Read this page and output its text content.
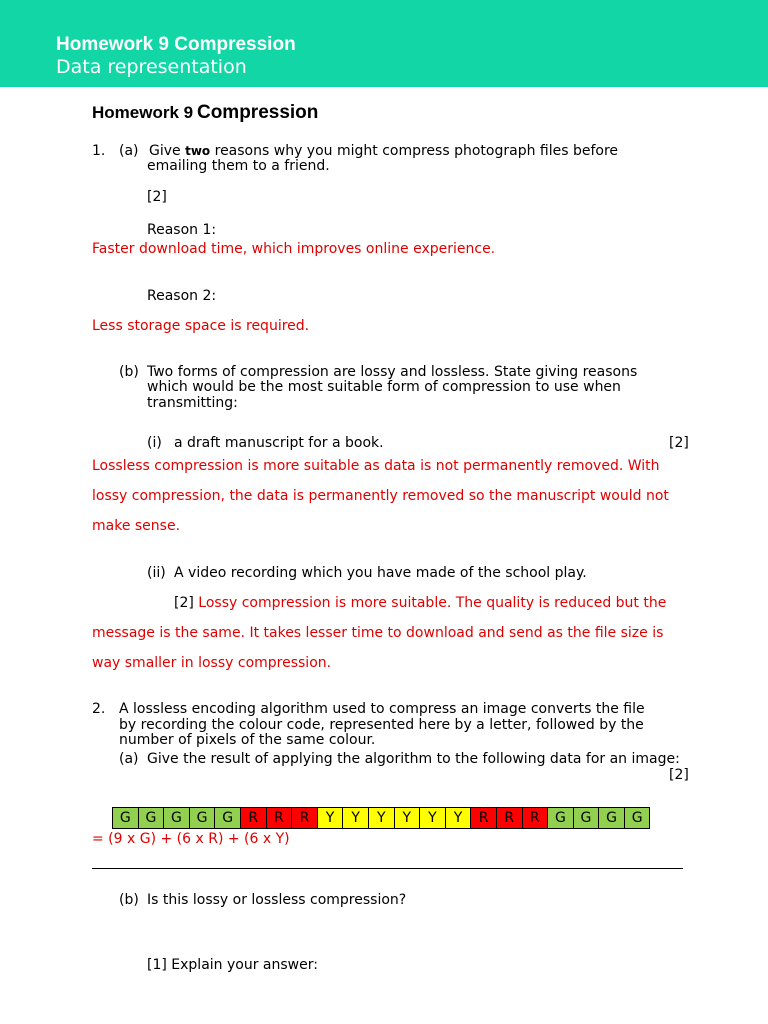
Homework 9 Compression
Data representation
Homework 9 Compression
1. (a) Give two reasons why you might compress photograph files before
emailing them to a friend.
[2]
Reason 1:
Faster download time, which improves online experience.
Reason 2:
Less storage space is required.
(b) Two forms of compression are lossy and lossless. State giving reasons
which would be the most suitable form of compression to use when
transmitting:
(i) a draft manuscript for a book.	[2]
Lossless compression is more suitable as data is not permanently removed. With
lossy compression, the data is permanently removed so the manuscript would not
make sense.
(ii) A video recording which you have made of the school play.
[2] Lossy compression is more suitable. The quality is reduced but the
message is the same. It takes lesser time to download and send as the file size is
way smaller in lossy compression.
2. A lossless encoding algorithm used to compress an image converts the file
by recording the colour code, represented here by a letter, followed by the
number of pixels of the same colour.
(a) Give the result of applying the algorithm to the following data for an image:
[2]
G	G	G	G	G	R	R	R	Y	Y	Y	Y	Y	Y	R	R	R	G	G	G	G
= (9 x G) + (6 x R) + (6 x Y)
(b) Is this lossy or lossless compression?
[1] Explain your answer:
